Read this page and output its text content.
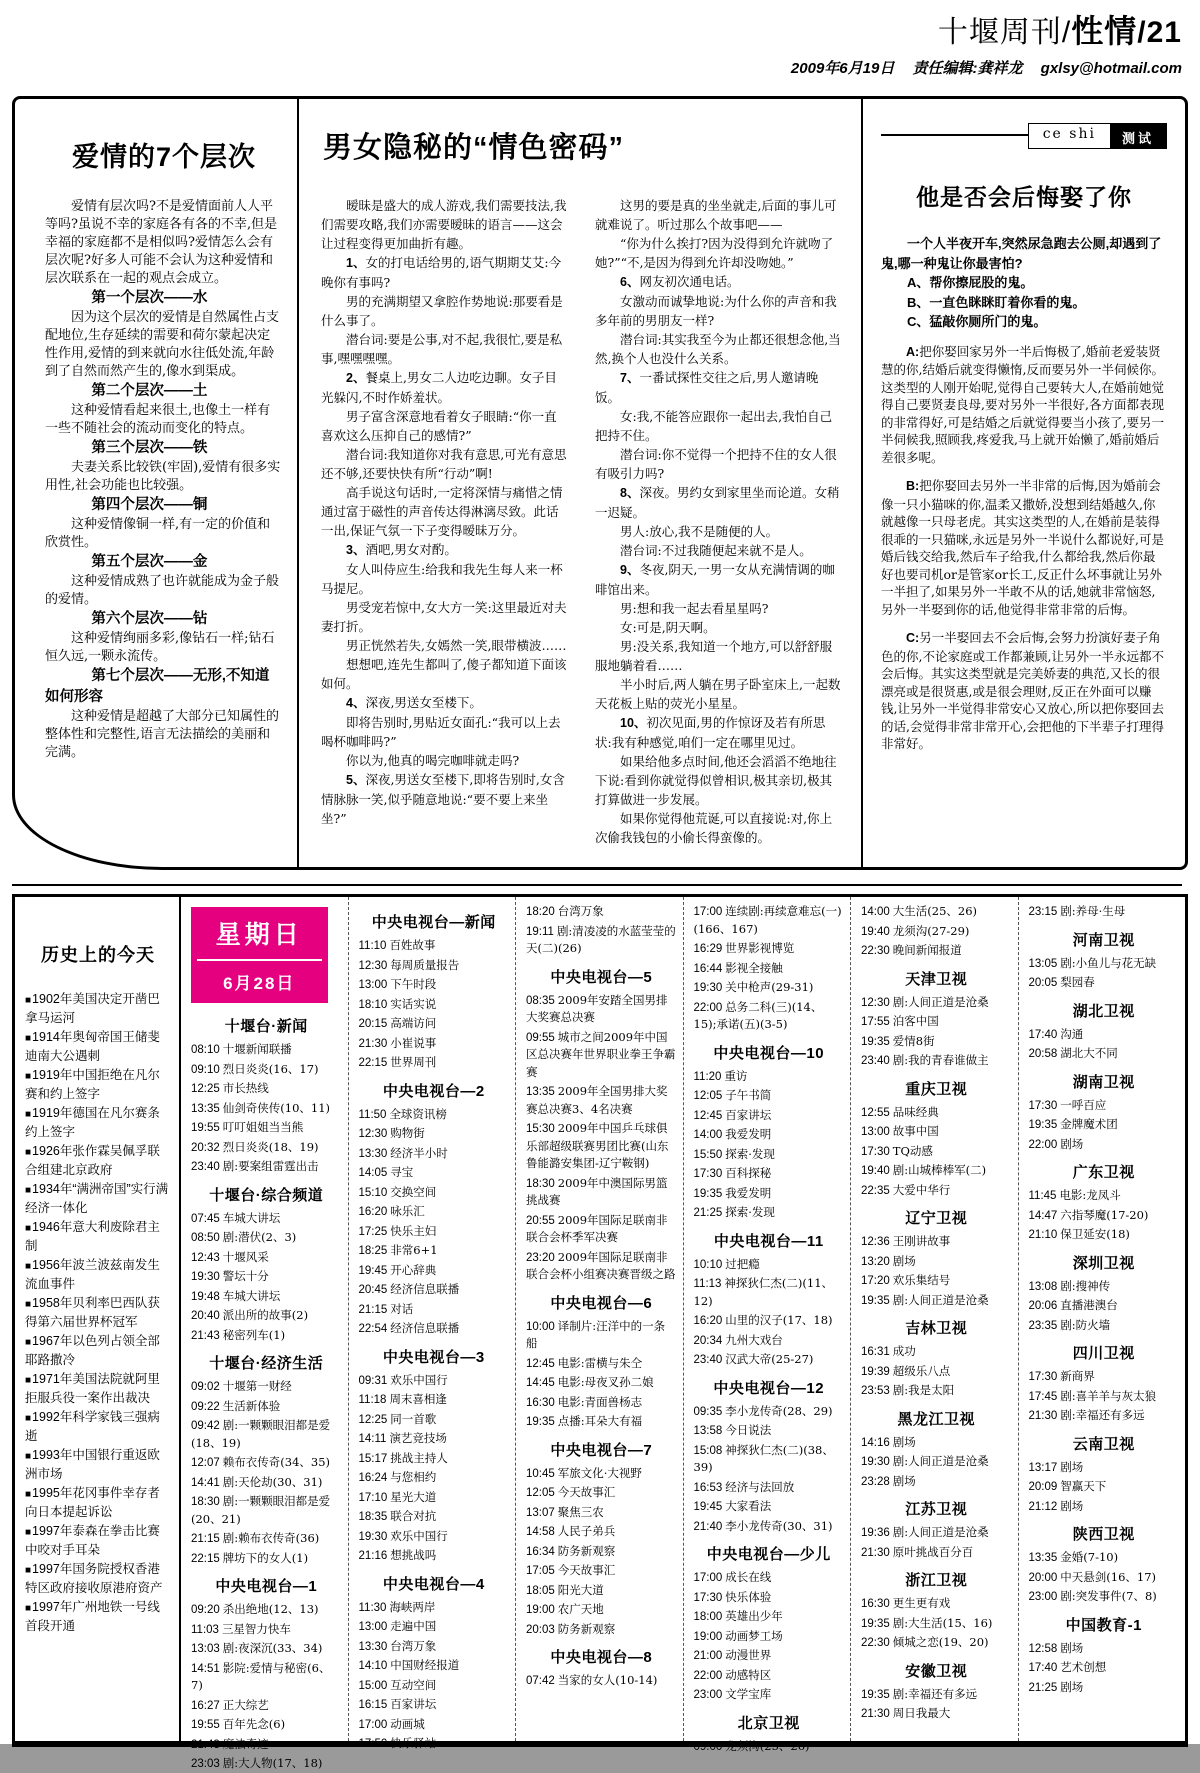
十堰周刊/性情/21
2009年6月19日 责任编辑:龚祥龙 gxlsy@hotmail.com
爱情的7个层次

爱情有层次吗?不是爱情面前人人平等吗?虽说不幸的家庭各有各的不幸,但是幸福的家庭都不是相似吗?爱情怎么会有层次呢?好多人可能不会认为这种爱情和层次联系在一起的观点会成立。

第一个层次——水

因为这个层次的爱情是自然属性占支配地位,生存延续的需要和荷尔蒙起决定性作用,爱情的到来就向水往低处流,年龄到了自然而然产生的,像水到渠成。

第二个层次——土

这种爱情看起来很土,也像土一样有一些不随社会的流动而变化的特点。

第三个层次——铁

夫妻关系比较铁(牢固),爱情有很多实用性,社会功能也比较强。

第四个层次——铜

这种爱情像铜一样,有一定的价值和欣赏性。

第五个层次——金

这种爱情成熟了也许就能成为金子般的爱情。

第六个层次——钻

这种爱情绚丽多彩,像钻石一样;钻石恒久远,一颗永流传。

第七个层次——无形,不知道如何形容

这种爱情是超越了大部分已知属性的整体性和完整性,语言无法描绘的美丽和完满。

男女隐秘的“情色密码”

暧昧是盛大的成人游戏,我们需要技法,我们需要攻略,我们亦需要暧昧的语言——这会让过程变得更加曲折有趣。

1、女的打电话给男的,语气期期艾艾:今晚你有事吗?

男的充满期望又拿腔作势地说:那要看是什么事了。

潜台词:要是公事,对不起,我很忙,要是私事,嘿嘿嘿嘿。

2、餐桌上,男女二人边吃边聊。女子目光躲闪,不时作娇羞状。

男子富含深意地看着女子眼睛:“你一直喜欢这么压抑自己的感情?”

潜台词:我知道你对我有意思,可光有意思还不够,还要快快有所“行动”啊!

高手说这句话时,一定将深情与痛惜之情通过富于磁性的声音传达得淋漓尽致。此话一出,保证气氛一下子变得暧昧万分。

3、酒吧,男女对酌。

女人叫侍应生:给我和我先生每人来一杯马提尼。

男受宠若惊中,女大方一笑:这里最近对夫妻打折。

男正恍然若失,女嫣然一笑,眼带横波……

想想吧,连先生都叫了,傻子都知道下面该如何。

4、深夜,男送女至楼下。

即将告别时,男贴近女面孔:“我可以上去喝杯咖啡吗?”

你以为,他真的喝完咖啡就走吗?

5、深夜,男送女至楼下,即将告别时,女含情脉脉一笑,似乎随意地说:“要不要上来坐坐?”

这男的要是真的坐坐就走,后面的事儿可就难说了。听过那么个故事吧——

“你为什么挨打?因为没得到允许就吻了她?”“不,是因为得到允许却没吻她。”

6、网友初次通电话。

女激动而诚挚地说:为什么你的声音和我多年前的男朋友一样?

潜台词:其实我至今为止都还很想念他,当然,换个人也没什么关系。

7、一番试探性交往之后,男人邀请晚饭。

女:我,不能答应跟你一起出去,我怕自己把持不住。

潜台词:你不觉得一个把持不住的女人很有吸引力吗?

8、深夜。男约女到家里坐而论道。女稍一迟疑。

男人:放心,我不是随便的人。

潜台词:不过我随便起来就不是人。

9、冬夜,阴天,一男一女从充满情调的咖啡馆出来。

男:想和我一起去看星星吗?

女:可是,阴天啊。

男:没关系,我知道一个地方,可以舒舒服服地躺着看……

半小时后,两人躺在男子卧室床上,一起数天花板上贴的荧光小星星。

10、初次见面,男的作惊讶及若有所思状:我有种感觉,咱们一定在哪里见过。

如果给他多点时间,他还会滔滔不绝地往下说:看到你就觉得似曾相识,极其亲切,极其打算做进一步发展。

如果你觉得他荒诞,可以直接说:对,你上次偷我钱包的小偷长得蛮像的。

ce shi	测试
他是否会后悔娶了你

一个人半夜开车,突然尿急跑去公厕,却遇到了鬼,哪一种鬼让你最害怕?

A、帮你擦屁股的鬼。

B、一直色眯眯盯着你看的鬼。

C、猛敲你厕所门的鬼。

A:把你娶回家另外一半后悔极了,婚前老爱装贤慧的你,结婚后就变得懒惰,反而要另外一半伺候你。这类型的人刚开始呢,觉得自己要转大人,在婚前她觉得自己要贤妻良母,要对另外一半很好,各方面都表现的非常得好,可是结婚之后就觉得要当小孩了,要另一半伺候我,照顾我,疼爱我,马上就开始懒了,婚前婚后差很多呢。

B:把你娶回去另外一半非常的后悔,因为婚前会像一只小猫咪的你,温柔又撒娇,没想到结婚越久,你就越像一只母老虎。其实这类型的人,在婚前是装得很乖的一只猫咪,永远是另外一半说什么都说好,可是婚后钱交给我,然后车子给我,什么都给我,然后你最好也要司机or是管家or长工,反正什么坏事就让另外一半担了,如果另外一半敢不从的话,她就非常恼怒,另外一半娶到你的话,他觉得非常非常的后悔。

C:另一半娶回去不会后悔,会努力扮演好妻子角色的你,不论家庭或工作都兼顾,让另外一半永远都不会后悔。其实这类型就是完美娇妻的典范,又长的很漂亮或是很贤惠,或是很会理财,反正在外面可以赚钱,让另外一半觉得非常安心又放心,所以把你娶回去的话,会觉得非常非常开心,会把他的下半辈子打理得非常好。

历史上的今天
■ 1902年美国决定开凿巴拿马运河
■ 1914年奥匈帝国王储斐迪南大公遇刺
■ 1919年中国拒绝在凡尔赛和约上签字
■ 1919年德国在凡尔赛条约上签字
■ 1926年张作霖吴佩孚联合组建北京政府
■ 1934年“满洲帝国”实行满经济一体化
■ 1946年意大利废除君主制
■ 1956年波兰波兹南发生流血事件
■ 1958年贝利率巴西队获得第六届世界杯冠军
■ 1967年以色列占领全部耶路撒冷
■ 1971年美国法院就阿里拒服兵役一案作出裁决
■ 1992年科学家钱三强病逝
■ 1993年中国银行重返欧洲市场
■ 1995年花冈事件幸存者向日本提起诉讼
■ 1997年泰森在拳击比赛中咬对手耳朵
■ 1997年国务院授权香港特区政府接收原港府资产
■ 1997年广州地铁一号线首段开通
星期日
6月28日
十堰台·新闻
08:10 十堰新闻联播
09:10 烈日炎炎(16、17)
12:25 市长热线
13:35 仙剑奇侠传(10、11)
19:55 叮叮姐姐当当熊
20:32 烈日炎炎(18、19)
23:40 剧:要案组雷霆出击
十堰台·综合频道
07:45 车城大讲坛
08:50 剧:潜伏(2、3)
12:43 十堰风采
19:30 警坛十分
19:48 车城大讲坛
20:40 派出所的故事(2)
21:43 秘密列车(1)
十堰台·经济生活
09:02 十堰第一财经
09:22 生活新体验
09:42 剧:一颗颗眼泪都是爱(18、19)
12:07 赖布衣传奇(34、35)
14:41 剧:天伦劫(30、31)
18:30 剧:一颗颗眼泪都是爱(20、21)
21:15 剧:赖布衣传奇(36)
22:15 牌坊下的女人(1)
中央电视台—1
09:20 杀出绝地(12、13)
11:03 三星智力快车
13:03 剧:夜深沉(33、34)
14:51 影院:爱情与秘密(6、7)
16:27 正大综艺
19:55 百年先念(6)
21:43 魔法奇迹
23:03 剧:大人物(17、18)
中央电视台—新闻
11:10 百姓故事
12:30 每周质量报告
13:00 下午时段
18:10 实话实说
20:15 高端访问
21:30 小崔说事
22:15 世界周刊
中央电视台—2
11:50 全球资讯榜
12:30 购物街
13:30 经济半小时
14:05 寻宝
15:10 交换空间
16:20 咏乐汇
17:25 快乐主妇
18:25 非常6+1
19:45 开心辞典
20:45 经济信息联播
21:15 对话
22:54 经济信息联播
中央电视台—3
09:31 欢乐中国行
11:18 周末喜相逢
12:25 同一首歌
14:11 演艺竞技场
15:17 挑战主持人
16:24 与您相约
17:10 星光大道
18:35 联合对抗
19:30 欢乐中国行
21:16 想挑战吗
中央电视台—4
11:30 海峡两岸
13:00 走遍中国
13:30 台湾万象
14:10 中国财经报道
15:00 互动空间
16:15 百家讲坛
17:00 动画城
17:50 快乐驿站
18:20 台湾万象
19:11 剧:清凌凌的水蓝莹莹的天(二)(26)
中央电视台—5
08:35 2009年安踏全国男排大奖赛总决赛
09:55 城市之间2009年中国区总决赛年世界职业拳王争霸赛
13:35 2009年全国男排大奖赛总决赛3、4名决赛
15:30 2009年中国乒乓球俱乐部超级联赛男团比赛(山东鲁能潞安集团-辽宁鞍钢)
18:30 2009年中澳国际男篮挑战赛
20:55 2009年国际足联南非联合会杯季军决赛
23:20 2009年国际足联南非联合会杯小组赛决赛晋级之路
中央电视台—6
10:00 译制片:汪洋中的一条船
12:45 电影:雷横与朱仝
14:45 电影:母夜叉孙二娘
16:30 电影:青面兽杨志
19:35 点播:耳朵大有福
中央电视台—7
10:45 军旅文化·大视野
12:05 今天故事汇
13:07 聚焦三农
14:58 人民子弟兵
16:34 防务新观察
17:05 今天故事汇
18:05 阳光大道
19:00 农广天地
20:03 防务新观察
中央电视台—8
07:42 当家的女人(10-14)
17:00 连续剧:再续意难忘(一)(166、167)
16:29 世界影视博览
16:44 影视全接触
19:30 关中枪声(29-31)
22:00 总务二科(三)(14、15);承诺(五)(3-5)
中央电视台—10
11:20 重访
12:05 子午书简
12:45 百家讲坛
14:00 我爱发明
15:50 探索·发现
17:30 百科探秘
19:35 我爱发明
21:25 探索·发现
中央电视台—11
10:10 过把瘾
11:13 神探狄仁杰(二)(11、12)
16:20 山里的汉子(17、18)
20:34 九州大戏台
23:40 汉武大帝(25-27)
中央电视台—12
09:35 李小龙传奇(28、29)
13:58 今日说法
15:08 神探狄仁杰(二)(38、39)
16:53 经济与法回放
19:45 大家看法
21:40 李小龙传奇(30、31)
中央电视台—少儿
17:00 成长在线
17:30 快乐体验
18:00 英雄出少年
19:00 动画梦工场
21:00 动漫世界
22:00 动感特区
23:00 文学宝库
北京卫视
09:00 龙须沟(25、26)
14:00 大生活(25、26)
19:40 龙须沟(27-29)
22:30 晚间新闻报道
天津卫视
12:30 剧:人间正道是沧桑
17:55 泊客中国
19:35 爱情8街
23:40 剧:我的青春谁做主
重庆卫视
12:55 品味经典
13:00 故事中国
17:30 TQ动感
19:40 剧:山城棒棒军(二)
22:35 大爱中华行
辽宁卫视
12:36 王刚讲故事
13:20 剧场
17:20 欢乐集结号
19:35 剧:人间正道是沧桑
吉林卫视
16:31 成功
19:39 超级乐八点
23:53 剧:我是太阳
黑龙江卫视
14:16 剧场
19:30 剧:人间正道是沧桑
23:28 剧场
江苏卫视
19:36 剧:人间正道是沧桑
21:30 原叶挑战百分百
浙江卫视
16:30 更生更有戏
19:35 剧:大生活(15、16)
22:30 倾城之恋(19、20)
安徽卫视
19:35 剧:幸福还有多远
21:30 周日我最大
23:15 剧:养母·生母
河南卫视
13:05 剧:小鱼儿与花无缺
20:05 梨园春
湖北卫视
17:40 沟通
20:58 湖北大不同
湖南卫视
17:30 一呼百应
19:35 金牌魔术团
22:00 剧场
广东卫视
11:45 电影:龙凤斗
14:47 六指琴魔(17-20)
21:10 保卫延安(18)
深圳卫视
13:08 剧:搜神传
20:06 直播港澳台
23:35 剧:防火墙
四川卫视
17:30 新商界
17:45 剧:喜羊羊与灰太狼
21:30 剧:幸福还有多远
云南卫视
13:17 剧场
20:09 智赢天下
21:12 剧场
陕西卫视
13:35 金婚(7-10)
20:00 中天悬剑(16、17)
23:00 剧:突发事件(7、8)
中国教育-1
12:58 剧场
17:40 艺术创想
21:25 剧场
